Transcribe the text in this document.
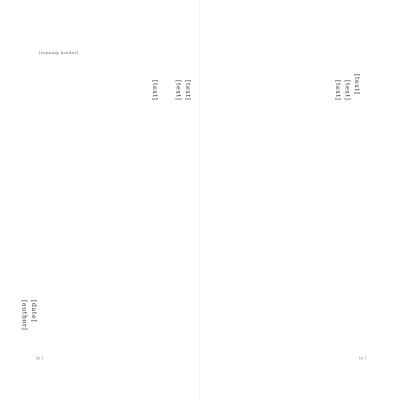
[running header]
[date]
[author]

[text]

[text]

[text]

[p.]

[text]

[text]

[text]

[p.]
